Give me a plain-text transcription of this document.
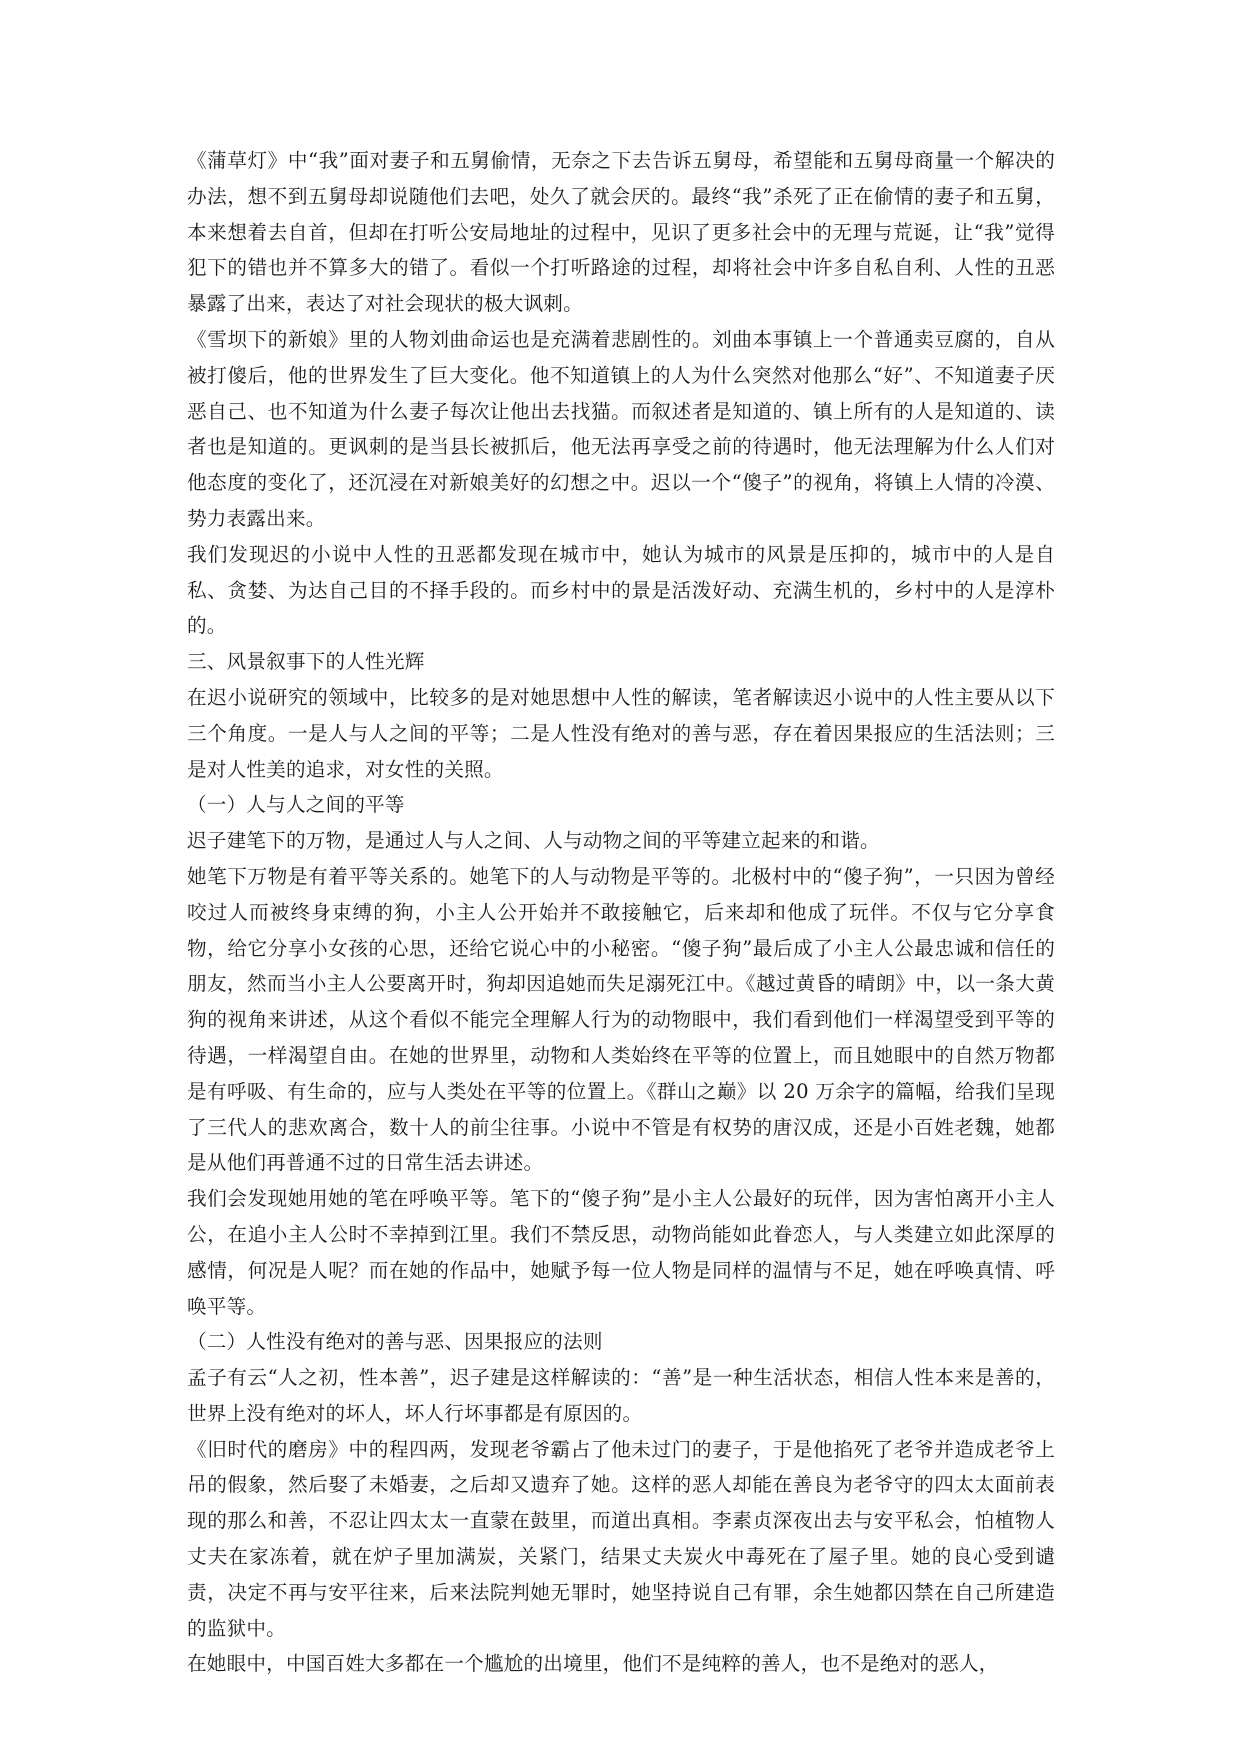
《蒲草灯》中“我”面对妻子和五舅偷情，无奈之下去告诉五舅母，希望能和五舅母商量一个解决的办法，想不到五舅母却说随他们去吧，处久了就会厌的。最终“我”杀死了正在偷情的妻子和五舅，本来想着去自首，但却在打听公安局地址的过程中，见识了更多社会中的无理与荒诞，让“我”觉得犯下的错也并不算多大的错了。看似一个打听路途的过程，却将社会中许多自私自利、人性的丑恶暴露了出来，表达了对社会现状的极大讽刺。

《雪坝下的新娘》里的人物刘曲命运也是充满着悲剧性的。刘曲本事镇上一个普通卖豆腐的，自从被打傻后，他的世界发生了巨大变化。他不知道镇上的人为什么突然对他那么“好”、不知道妻子厌恶自己、也不知道为什么妻子每次让他出去找猫。而叙述者是知道的、镇上所有的人是知道的、读者也是知道的。更讽刺的是当县长被抓后，他无法再享受之前的待遇时，他无法理解为什么人们对他态度的变化了，还沉浸在对新娘美好的幻想之中。迟以一个“傻子”的视角，将镇上人情的冷漠、势力表露出来。

我们发现迟的小说中人性的丑恶都发现在城市中，她认为城市的风景是压抑的，城市中的人是自私、贪婪、为达自己目的不择手段的。而乡村中的景是活泼好动、充满生机的，乡村中的人是淳朴的。

三、风景叙事下的人性光辉

在迟小说研究的领域中，比较多的是对她思想中人性的解读，笔者解读迟小说中的人性主要从以下三个角度。一是人与人之间的平等；二是人性没有绝对的善与恶，存在着因果报应的生活法则；三是对人性美的追求，对女性的关照。

（一）人与人之间的平等

迟子建笔下的万物，是通过人与人之间、人与动物之间的平等建立起来的和谐。

她笔下万物是有着平等关系的。她笔下的人与动物是平等的。北极村中的“傻子狗”，一只因为曾经咬过人而被终身束缚的狗，小主人公开始并不敢接触它，后来却和他成了玩伴。不仅与它分享食物，给它分享小女孩的心思，还给它说心中的小秘密。“傻子狗”最后成了小主人公最忠诚和信任的朋友，然而当小主人公要离开时，狗却因追她而失足溺死江中。《越过黄昏的晴朗》中，以一条大黄狗的视角来讲述，从这个看似不能完全理解人行为的动物眼中，我们看到他们一样渴望受到平等的待遇，一样渴望自由。在她的世界里，动物和人类始终在平等的位置上，而且她眼中的自然万物都是有呼吸、有生命的，应与人类处在平等的位置上。《群山之巅》以 20 万余字的篇幅，给我们呈现了三代人的悲欢离合，数十人的前尘往事。小说中不管是有权势的唐汉成，还是小百姓老魏，她都是从他们再普通不过的日常生活去讲述。

我们会发现她用她的笔在呼唤平等。笔下的“傻子狗”是小主人公最好的玩伴，因为害怕离开小主人公，在追小主人公时不幸掉到江里。我们不禁反思，动物尚能如此眷恋人，与人类建立如此深厚的感情，何况是人呢？而在她的作品中，她赋予每一位人物是同样的温情与不足，她在呼唤真情、呼唤平等。

（二）人性没有绝对的善与恶、因果报应的法则

孟子有云“人之初，性本善”，迟子建是这样解读的：“善”是一种生活状态，相信人性本来是善的，世界上没有绝对的坏人，坏人行坏事都是有原因的。

《旧时代的磨房》中的程四两，发现老爷霸占了他未过门的妻子，于是他掐死了老爷并造成老爷上吊的假象，然后娶了未婚妻，之后却又遗弃了她。这样的恶人却能在善良为老爷守的四太太面前表现的那么和善，不忍让四太太一直蒙在鼓里，而道出真相。李素贞深夜出去与安平私会，怕植物人丈夫在家冻着，就在炉子里加满炭，关紧门，结果丈夫炭火中毒死在了屋子里。她的良心受到谴责，决定不再与安平往来，后来法院判她无罪时，她坚持说自己有罪，余生她都囚禁在自己所建造的监狱中。

在她眼中，中国百姓大多都在一个尴尬的出境里，他们不是纯粹的善人，也不是绝对的恶人，
